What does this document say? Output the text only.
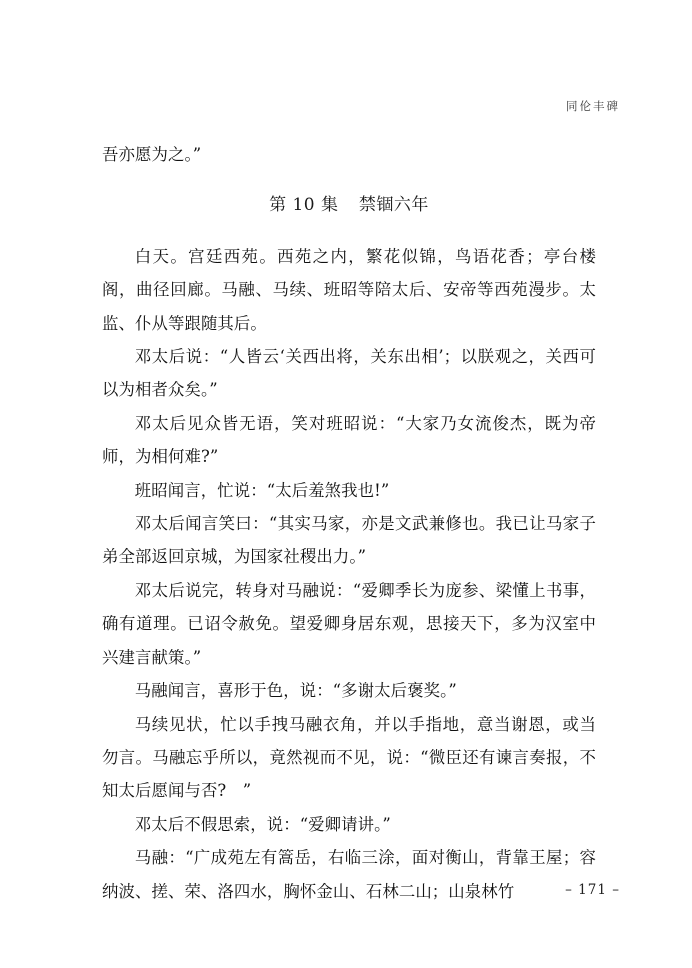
同伦丰碑

吾亦愿为之。”

第 10 集 禁锢六年

白天。宫廷西苑。西苑之内，繁花似锦，鸟语花香；亭台楼阁，曲径回廊。马融、马续、班昭等陪太后、安帝等西苑漫步。太监、仆从等跟随其后。

邓太后说：“人皆云‘关西出将，关东出相’；以朕观之，关西可以为相者众矣。”

邓太后见众皆无语，笑对班昭说：“大家乃女流俊杰，既为帝师，为相何难?”

班昭闻言，忙说：“太后羞煞我也!”

邓太后闻言笑曰：“其实马家，亦是文武兼修也。我已让马家子弟全部返回京城，为国家社稷出力。”

邓太后说完，转身对马融说：“爱卿季长为庞参、梁懂上书事，确有道理。已诏令赦免。望爱卿身居东观，思接天下，多为汉室中兴建言献策。”

马融闻言，喜形于色，说：“多谢太后褒奖。”

马续见状，忙以手拽马融衣角，并以手指地，意当谢恩，或当勿言。马融忘乎所以，竟然视而不见，说：“微臣还有谏言奏报，不知太后愿闻与否?　”

邓太后不假思索，说：“爱卿请讲。”

马融：“广成苑左有篙岳，右临三涂，面对衡山，背靠王屋；容纳波、搓、荣、洛四水，胸怀金山、石林二山；山泉林竹	– 171 –
